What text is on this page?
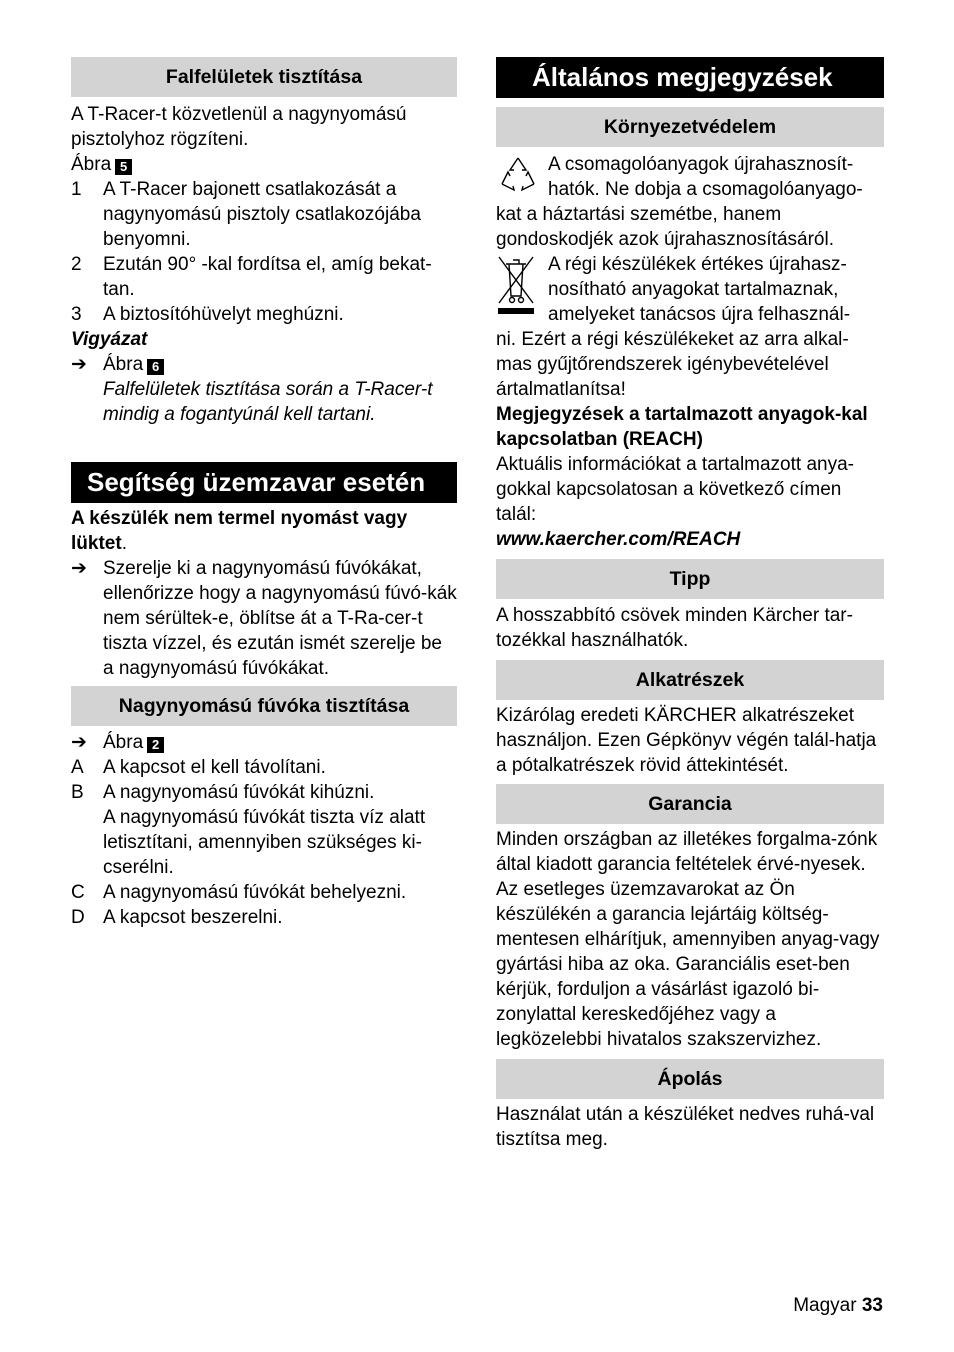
Falfelületek tisztítása

A T-Racer-t közvetlenül a nagynyomású pisztolyhoz rögzíteni.

Ábra 5

1	A T-Racer bajonett csatlakozását a
nagynyomású pisztoly csatlakozójába
benyomni.
2	Ezután 90° -kal fordítsa el, amíg bekat-
tan.
3	A biztosítóhüvelyt meghúzni.

Vigyázat

➔ Ábra 6

Falfelületek tisztítása során a T-Racer-t mindig a fogantyúnál kell tartani.

Segítség üzemzavar esetén

A készülék nem termel nyomást vagy
lüktet.

➔ Szerelje ki a nagynyomású fúvókákat, ellenőrizze hogy a nagynyomású fúvó-kák nem sérültek-e, öblítse át a T-Ra-cer-t tiszta vízzel, és ezután ismét szerelje be a nagynyomású fúvókákat.
Nagynyomású fúvóka tisztítása
➔ Ábra 2
A	A kapcsot el kell távolítani.
B	A nagynyomású fúvókát kihúzni.
A nagynyomású fúvókát tiszta víz alatt letisztítani, amennyiben szükséges ki-cserélni.
C A nagynyomású fúvókát behelyezni.
D A kapcsot beszerelni.
Általános megjegyzések
Környezetvédelem

A csomagolóanyagok újrahasznosít-

hatók. Ne dobja a csomagolóanyago-

kat a háztartási szemétbe, hanem gondoskodjék azok újrahasznosításáról.

A régi készülékek értékes újrahasz-

nosítható anyagokat tartalmaznak,

amelyeket tanácsos újra felhasznál-

ni. Ezért a régi készülékeket az arra alkal-mas gyűjtőrendszerek igénybevételével ártalmatlanítsa!

Megjegyzések a tartalmazott anyagok-kal kapcsolatban (REACH)

Aktuális információkat a tartalmazott anya-gokkal kapcsolatosan a következő címen talál:

www.kaercher.com/REACH

Tipp

A hosszabbító csövek minden Kärcher tar-tozékkal használhatók.

Alkatrészek

Kizárólag eredeti KÄRCHER alkatrészeket használjon. Ezen Gépkönyv végén talál-hatja a pótalkatrészek rövid áttekintését.

Garancia

Minden országban az illetékes forgalma-zónk által kiadott garancia feltételek érvé-nyesek. Az esetleges üzemzavarokat az Ön készülékén a garancia lejártáig költség-mentesen elhárítjuk, amennyiben anyag-vagy gyártási hiba az oka. Garanciális eset-ben kérjük, forduljon a vásárlást igazoló bi-zonylattal kereskedőjéhez vagy a legközelebbi hivatalos szakszervizhez.

Ápolás

Használat után a készüléket nedves ruhá-val tisztítsa meg.

Magyar 33
